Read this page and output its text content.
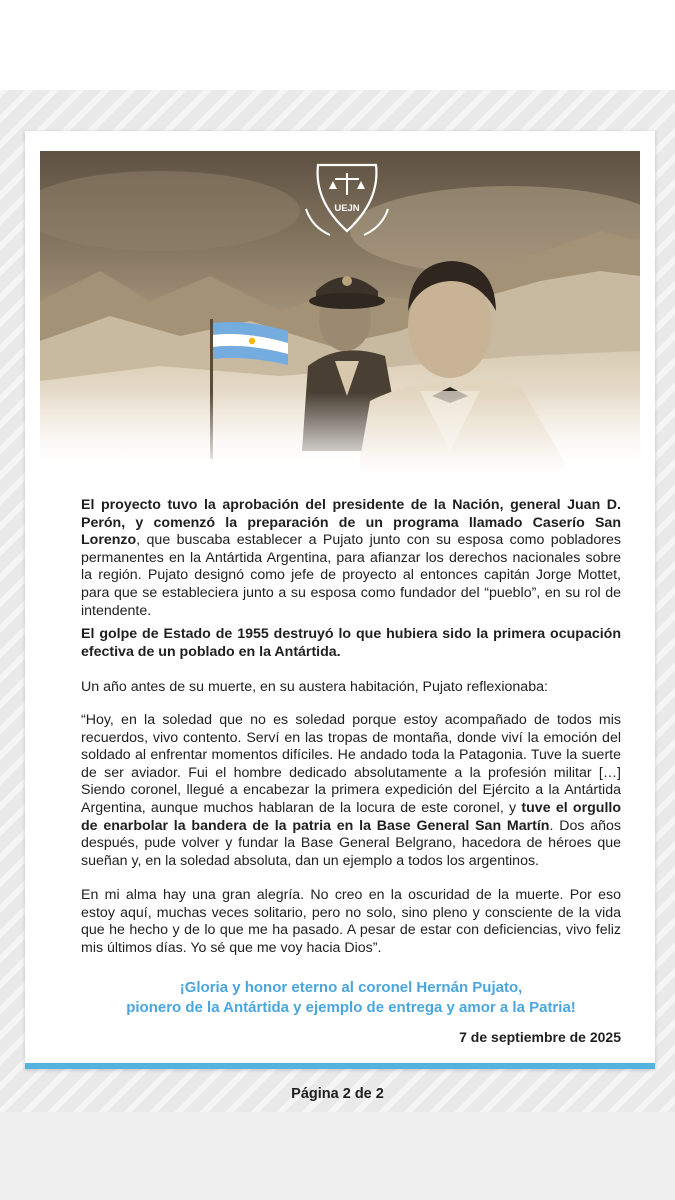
El proyecto tuvo la aprobación del presidente de la Nación, general Juan D. Perón, y comenzó la preparación de un programa llamado Caserío San Lorenzo, que buscaba establecer a Pujato junto con su esposa como pobladores permanentes en la Antártida Argentina, para afianzar los derechos nacionales sobre la región. Pujato designó como jefe de proyecto al entonces capitán Jorge Mottet, para que se estableciera junto a su esposa como fundador del “pueblo”, en su rol de intendente.

El golpe de Estado de 1955 destruyó lo que hubiera sido la primera ocupación efectiva de un poblado en la Antártida.

Un año antes de su muerte, en su austera habitación, Pujato reflexionaba:

“Hoy, en la soledad que no es soledad porque estoy acompañado de todos mis recuerdos, vivo contento. Serví en las tropas de montaña, donde viví la emoción del soldado al enfrentar momentos difíciles. He andado toda la Patagonia. Tuve la suerte de ser aviador. Fui el hombre dedicado absolutamente a la profesión militar […] Siendo coronel, llegué a encabezar la primera expedición del Ejército a la Antártida Argentina, aunque muchos hablaran de la locura de este coronel, y tuve el orgullo de enarbolar la bandera de la patria en la Base General San Martín. Dos años después, pude volver y fundar la Base General Belgrano, hacedora de héroes que sueñan y, en la soledad absoluta, dan un ejemplo a todos los argentinos.

En mi alma hay una gran alegría. No creo en la oscuridad de la muerte. Por eso estoy aquí, muchas veces solitario, pero no solo, sino pleno y consciente de la vida que he hecho y de lo que me ha pasado. A pesar de estar con deficiencias, vivo feliz mis últimos días. Yo sé que me voy hacia Dios”.

¡Gloria y honor eterno al coronel Hernán Pujato,
pionero de la Antártida y ejemplo de entrega y amor a la Patria!
7 de septiembre de 2025
Página 2 de 2
